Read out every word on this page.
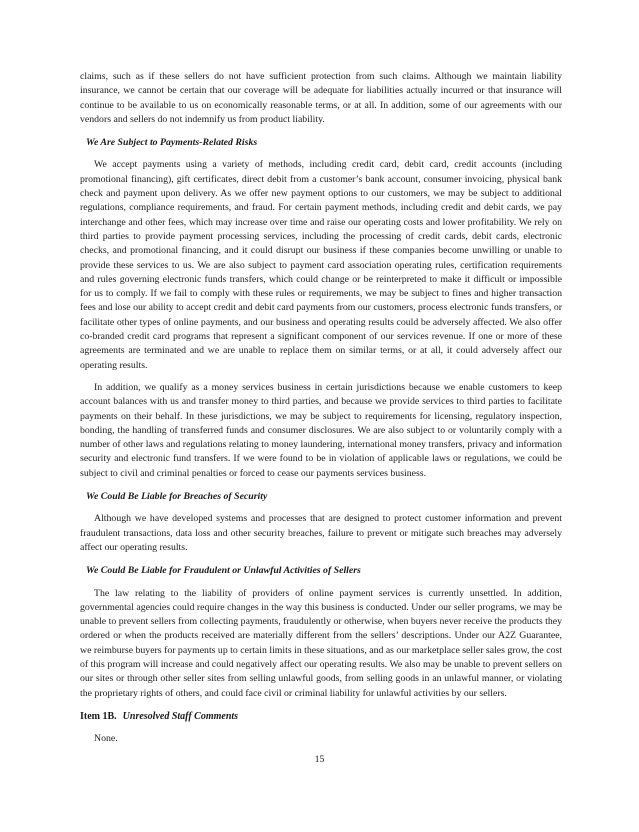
claims, such as if these sellers do not have sufficient protection from such claims. Although we maintain liability insurance, we cannot be certain that our coverage will be adequate for liabilities actually incurred or that insurance will continue to be available to us on economically reasonable terms, or at all. In addition, some of our agreements with our vendors and sellers do not indemnify us from product liability.

We Are Subject to Payments-Related Risks

We accept payments using a variety of methods, including credit card, debit card, credit accounts (including promotional financing), gift certificates, direct debit from a customer’s bank account, consumer invoicing, physical bank check and payment upon delivery. As we offer new payment options to our customers, we may be subject to additional regulations, compliance requirements, and fraud. For certain payment methods, including credit and debit cards, we pay interchange and other fees, which may increase over time and raise our operating costs and lower profitability. We rely on third parties to provide payment processing services, including the processing of credit cards, debit cards, electronic checks, and promotional financing, and it could disrupt our business if these companies become unwilling or unable to provide these services to us. We are also subject to payment card association operating rules, certification requirements and rules governing electronic funds transfers, which could change or be reinterpreted to make it difficult or impossible for us to comply. If we fail to comply with these rules or requirements, we may be subject to fines and higher transaction fees and lose our ability to accept credit and debit card payments from our customers, process electronic funds transfers, or facilitate other types of online payments, and our business and operating results could be adversely affected. We also offer co-branded credit card programs that represent a significant component of our services revenue. If one or more of these agreements are terminated and we are unable to replace them on similar terms, or at all, it could adversely affect our operating results.

In addition, we qualify as a money services business in certain jurisdictions because we enable customers to keep account balances with us and transfer money to third parties, and because we provide services to third parties to facilitate payments on their behalf. In these jurisdictions, we may be subject to requirements for licensing, regulatory inspection, bonding, the handling of transferred funds and consumer disclosures. We are also subject to or voluntarily comply with a number of other laws and regulations relating to money laundering, international money transfers, privacy and information security and electronic fund transfers. If we were found to be in violation of applicable laws or regulations, we could be subject to civil and criminal penalties or forced to cease our payments services business.

We Could Be Liable for Breaches of Security

Although we have developed systems and processes that are designed to protect customer information and prevent fraudulent transactions, data loss and other security breaches, failure to prevent or mitigate such breaches may adversely affect our operating results.

We Could Be Liable for Fraudulent or Unlawful Activities of Sellers

The law relating to the liability of providers of online payment services is currently unsettled. In addition, governmental agencies could require changes in the way this business is conducted. Under our seller programs, we may be unable to prevent sellers from collecting payments, fraudulently or otherwise, when buyers never receive the products they ordered or when the products received are materially different from the sellers’ descriptions. Under our A2Z Guarantee, we reimburse buyers for payments up to certain limits in these situations, and as our marketplace seller sales grow, the cost of this program will increase and could negatively affect our operating results. We also may be unable to prevent sellers on our sites or through other seller sites from selling unlawful goods, from selling goods in an unlawful manner, or violating the proprietary rights of others, and could face civil or criminal liability for unlawful activities by our sellers.

Item 1B. Unresolved Staff Comments

None.

15
